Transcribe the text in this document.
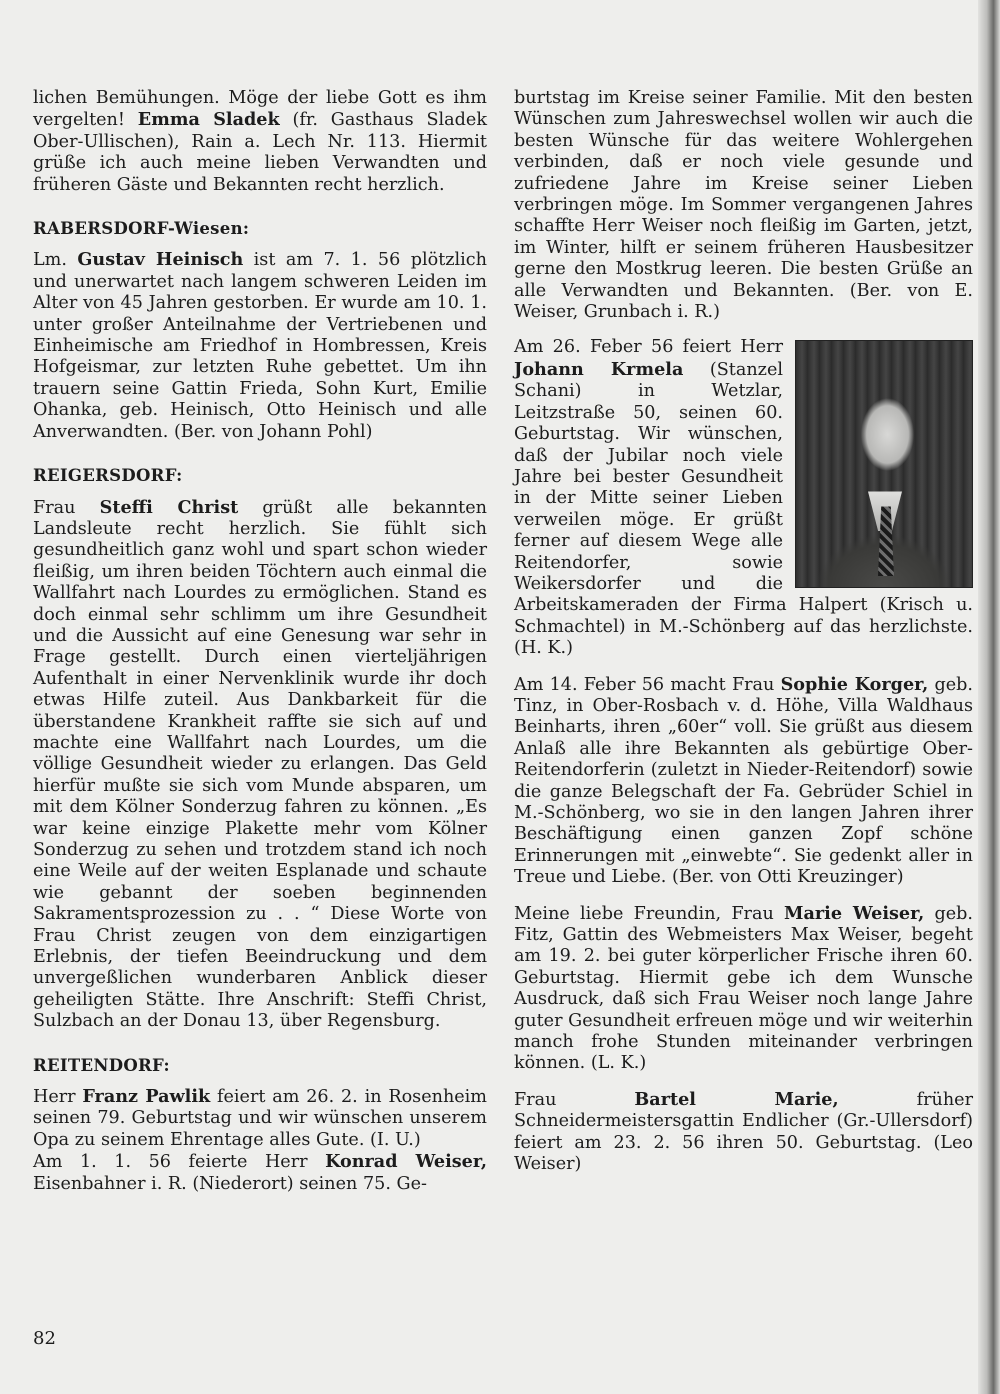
lichen Bemühungen. Möge der liebe Gott es ihm vergelten! Emma Sladek (fr. Gasthaus Sladek Ober-Ullischen), Rain a. Lech Nr. 113. Hiermit grüße ich auch meine lieben Verwandten und früheren Gäste und Bekannten recht herzlich.

RABERSDORF-Wiesen:

Lm. Gustav Heinisch ist am 7. 1. 56 plötzlich und unerwartet nach langem schweren Leiden im Alter von 45 Jahren gestorben. Er wurde am 10. 1. unter großer Anteilnahme der Vertriebenen und Einheimische am Friedhof in Hombressen, Kreis Hofgeismar, zur letzten Ruhe gebettet. Um ihn trauern seine Gattin Frieda, Sohn Kurt, Emilie Ohanka, geb. Heinisch, Otto Heinisch und alle Anverwandten. (Ber. von Johann Pohl)

REIGERSDORF:

Frau Steffi Christ grüßt alle bekannten Landsleute recht herzlich. Sie fühlt sich gesundheitlich ganz wohl und spart schon wieder fleißig, um ihren beiden Töchtern auch einmal die Wallfahrt nach Lourdes zu ermöglichen. Stand es doch einmal sehr schlimm um ihre Gesundheit und die Aussicht auf eine Genesung war sehr in Frage gestellt. Durch einen vierteljährigen Aufenthalt in einer Nervenklinik wurde ihr doch etwas Hilfe zuteil. Aus Dankbarkeit für die überstandene Krankheit raffte sie sich auf und machte eine Wallfahrt nach Lourdes, um die völlige Gesundheit wieder zu erlangen. Das Geld hierfür mußte sie sich vom Munde absparen, um mit dem Kölner Sonderzug fahren zu können. „Es war keine einzige Plakette mehr vom Kölner Sonderzug zu sehen und trotzdem stand ich noch eine Weile auf der weiten Esplanade und schaute wie gebannt der soeben beginnenden Sakramentsprozession zu . . “ Diese Worte von Frau Christ zeugen von dem einzigartigen Erlebnis, der tiefen Beeindruckung und dem unvergeßlichen wunderbaren Anblick dieser geheiligten Stätte. Ihre Anschrift: Steffi Christ, Sulzbach an der Donau 13, über Regensburg.

REITENDORF:

Herr Franz Pawlik feiert am 26. 2. in Rosenheim seinen 79. Geburtstag und wir wünschen unserem Opa zu seinem Ehrentage alles Gute. (I. U.)

Am 1. 1. 56 feierte Herr Konrad Weiser, Eisenbahner i. R. (Niederort) seinen 75. Ge-

burtstag im Kreise seiner Familie. Mit den besten Wünschen zum Jahreswechsel wollen wir auch die besten Wünsche für das weitere Wohlergehen verbinden, daß er noch viele gesunde und zufriedene Jahre im Kreise seiner Lieben verbringen möge. Im Sommer vergangenen Jahres schaffte Herr Weiser noch fleißig im Garten, jetzt, im Winter, hilft er seinem früheren Hausbesitzer gerne den Mostkrug leeren. Die besten Grüße an alle Verwandten und Bekannten. (Ber. von E. Weiser, Grunbach i. R.)

Am 26. Feber 56 feiert Herr Johann Krmela (Stanzel Schani) in Wetzlar, Leitzstraße 50, seinen 60. Geburtstag. Wir wünschen, daß der Jubilar noch viele Jahre bei bester Gesundheit in der Mitte seiner Lieben verweilen möge. Er grüßt ferner auf diesem Wege alle Reitendorfer, sowie Weikersdorfer und die Arbeitskameraden der Firma Halpert (Krisch u. Schmachtel) in M.-Schönberg auf das herzlichste. (H. K.)

Am 14. Feber 56 macht Frau Sophie Korger, geb. Tinz, in Ober-Rosbach v. d. Höhe, Villa Waldhaus Beinharts, ihren „60er“ voll. Sie grüßt aus diesem Anlaß alle ihre Bekannten als gebürtige Ober-Reitendorferin (zuletzt in Nieder-Reitendorf) sowie die ganze Belegschaft der Fa. Gebrüder Schiel in M.-Schönberg, wo sie in den langen Jahren ihrer Beschäftigung einen ganzen Zopf schöne Erinnerungen mit „einwebte“. Sie gedenkt aller in Treue und Liebe. (Ber. von Otti Kreuzinger)

Meine liebe Freundin, Frau Marie Weiser, geb. Fitz, Gattin des Webmeisters Max Weiser, begeht am 19. 2. bei guter körperlicher Frische ihren 60. Geburtstag. Hiermit gebe ich dem Wunsche Ausdruck, daß sich Frau Weiser noch lange Jahre guter Gesundheit erfreuen möge und wir weiterhin manch frohe Stunden miteinander verbringen können. (L. K.)

Frau Bartel Marie, früher Schneidermeistersgattin Endlicher (Gr.-Ullersdorf) feiert am 23. 2. 56 ihren 50. Geburtstag. (Leo Weiser)

82
